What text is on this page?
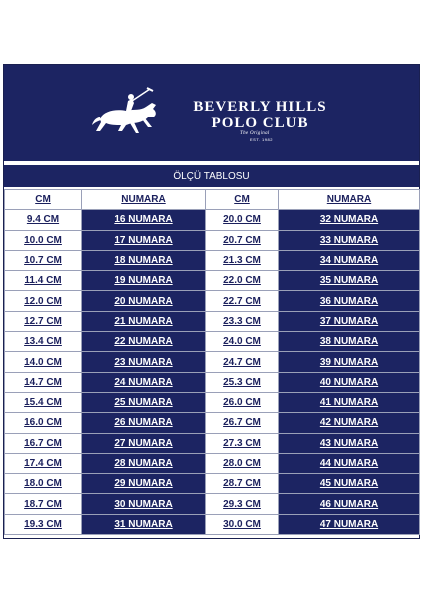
BEVERLY HILLS
POLO CLUB
The Original
EST. 1982
ÖLÇÜ TABLOSU
CM	NUMARA	CM	NUMARA
9.4 CM	16 NUMARA	20.0 CM	32 NUMARA
10.0 CM	17 NUMARA	20.7 CM	33 NUMARA
10.7 CM	18 NUMARA	21.3 CM	34 NUMARA
11.4 CM	19 NUMARA	22.0 CM	35 NUMARA
12.0 CM	20 NUMARA	22.7 CM	36 NUMARA
12.7 CM	21 NUMARA	23.3 CM	37 NUMARA
13.4 CM	22 NUMARA	24.0 CM	38 NUMARA
14.0 CM	23 NUMARA	24.7 CM	39 NUMARA
14.7 CM	24 NUMARA	25.3 CM	40 NUMARA
15.4 CM	25 NUMARA	26.0 CM	41 NUMARA
16.0 CM	26 NUMARA	26.7 CM	42 NUMARA
16.7 CM	27 NUMARA	27.3 CM	43 NUMARA
17.4 CM	28 NUMARA	28.0 CM	44 NUMARA
18.0 CM	29 NUMARA	28.7 CM	45 NUMARA
18.7 CM	30 NUMARA	29.3 CM	46 NUMARA
19.3 CM	31 NUMARA	30.0 CM	47 NUMARA
